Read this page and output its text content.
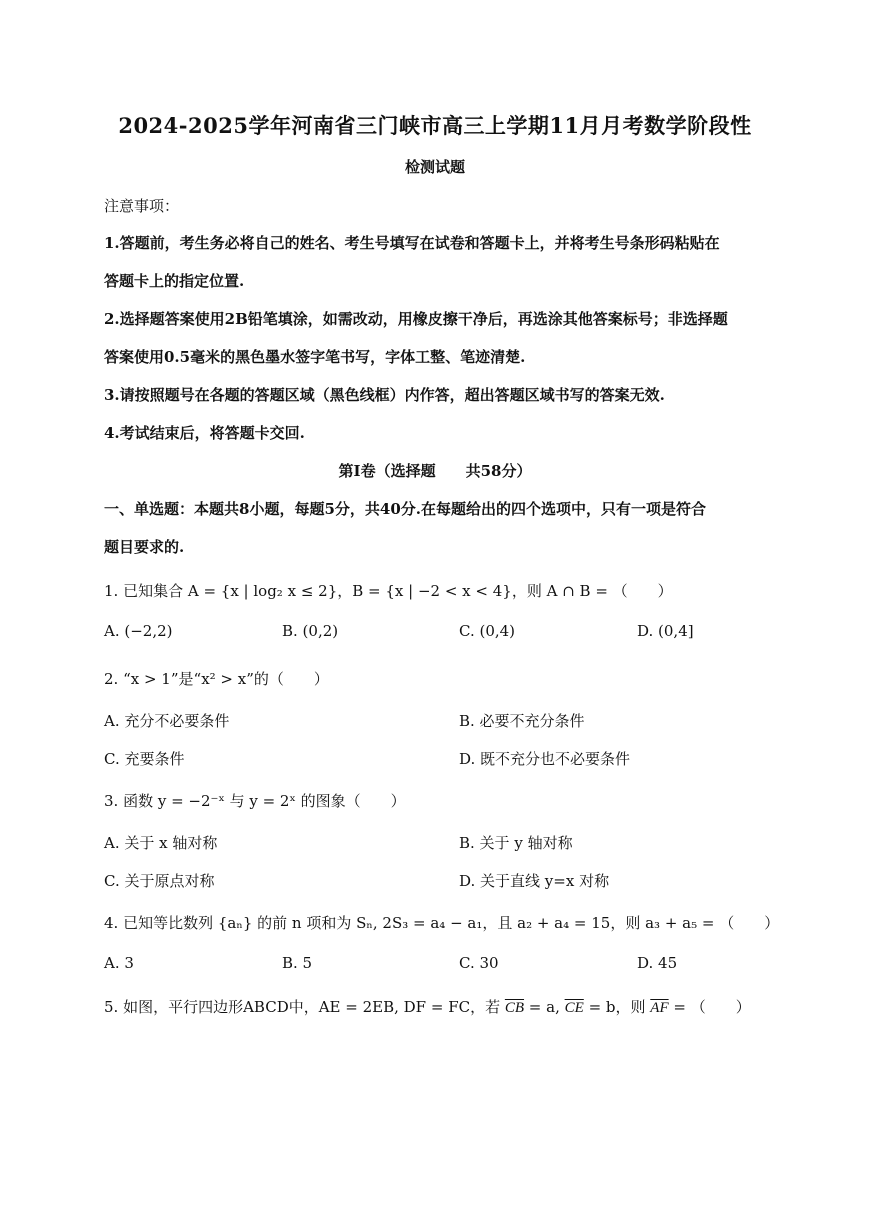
2024-2025学年河南省三门峡市高三上学期11月月考数学阶段性
检测试题
注意事项：
1.答题前，考生务必将自己的姓名、考生号填写在试卷和答题卡上，并将考生号条形码粘贴在
答题卡上的指定位置.
2.选择题答案使用2B铅笔填涂，如需改动，用橡皮擦干净后，再选涂其他答案标号；非选择题
答案使用0.5毫米的黑色墨水签字笔书写，字体工整、笔迹清楚.
3.请按照题号在各题的答题区域（黑色线框）内作答，超出答题区域书写的答案无效.
4.考试结束后，将答题卡交回.
第Ⅰ卷（选择题　　共58分）
一、单选题：本题共8小题，每题5分，共40分.在每题给出的四个选项中，只有一项是符合
题目要求的.
1. 已知集合 A = {x | log₂ x ≤ 2}，B = {x | −2 < x < 4}，则 A ∩ B = （　　）
A. (−2,2)	B. (0,2)	C. (0,4)	D. (0,4]
2. “x > 1”是“x² > x”的（　　）
A. 充分不必要条件	B. 必要不充分条件
C. 充要条件	D. 既不充分也不必要条件
3. 函数 y = −2⁻ˣ 与 y = 2ˣ 的图象（　　）
A. 关于 x 轴对称	B. 关于 y 轴对称
C. 关于原点对称	D. 关于直线 y=x 对称
4. 已知等比数列 {aₙ} 的前 n 项和为 Sₙ, 2S₃ = a₄ − a₁，且 a₂ + a₄ = 15，则 a₃ + a₅ = （　　）
A. 3	B. 5	C. 30	D. 45
5. 如图，平行四边形ABCD中，AE = 2EB, DF = FC，若 $\overline{CB} = a$, $\overline{CE} = b$，则 $\overline{AF}$ = （　　）
